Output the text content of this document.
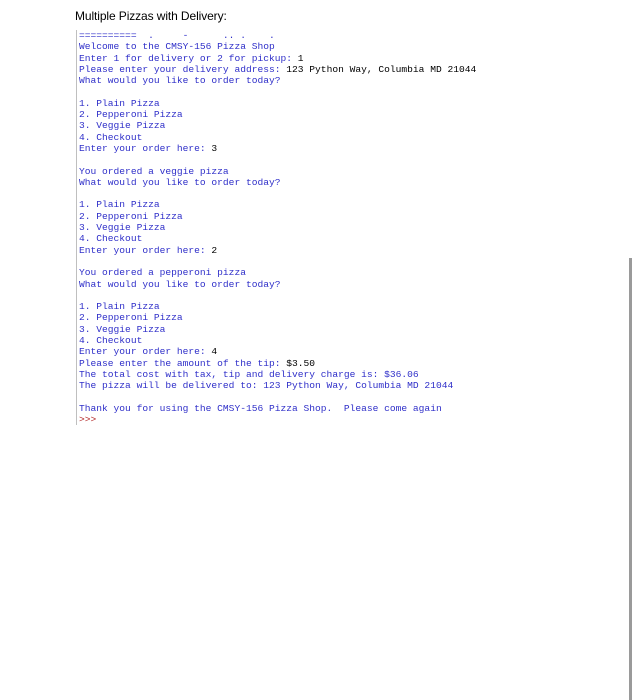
Multiple Pizzas with Delivery:
==========  .     -      .. .    .
Welcome to the CMSY-156 Pizza Shop
Enter 1 for delivery or 2 for pickup: 1
Please enter your delivery address: 123 Python Way, Columbia MD 21044
What would you like to order today?
1. Plain Pizza
2. Pepperoni Pizza
3. Veggie Pizza
4. Checkout
Enter your order here: 3
You ordered a veggie pizza
What would you like to order today?
1. Plain Pizza
2. Pepperoni Pizza
3. Veggie Pizza
4. Checkout
Enter your order here: 2
You ordered a pepperoni pizza
What would you like to order today?
1. Plain Pizza
2. Pepperoni Pizza
3. Veggie Pizza
4. Checkout
Enter your order here: 4
Please enter the amount of the tip: $3.50
The total cost with tax, tip and delivery charge is: $36.06
The pizza will be delivered to: 123 Python Way, Columbia MD 21044
Thank you for using the CMSY-156 Pizza Shop.  Please come again
>>>
